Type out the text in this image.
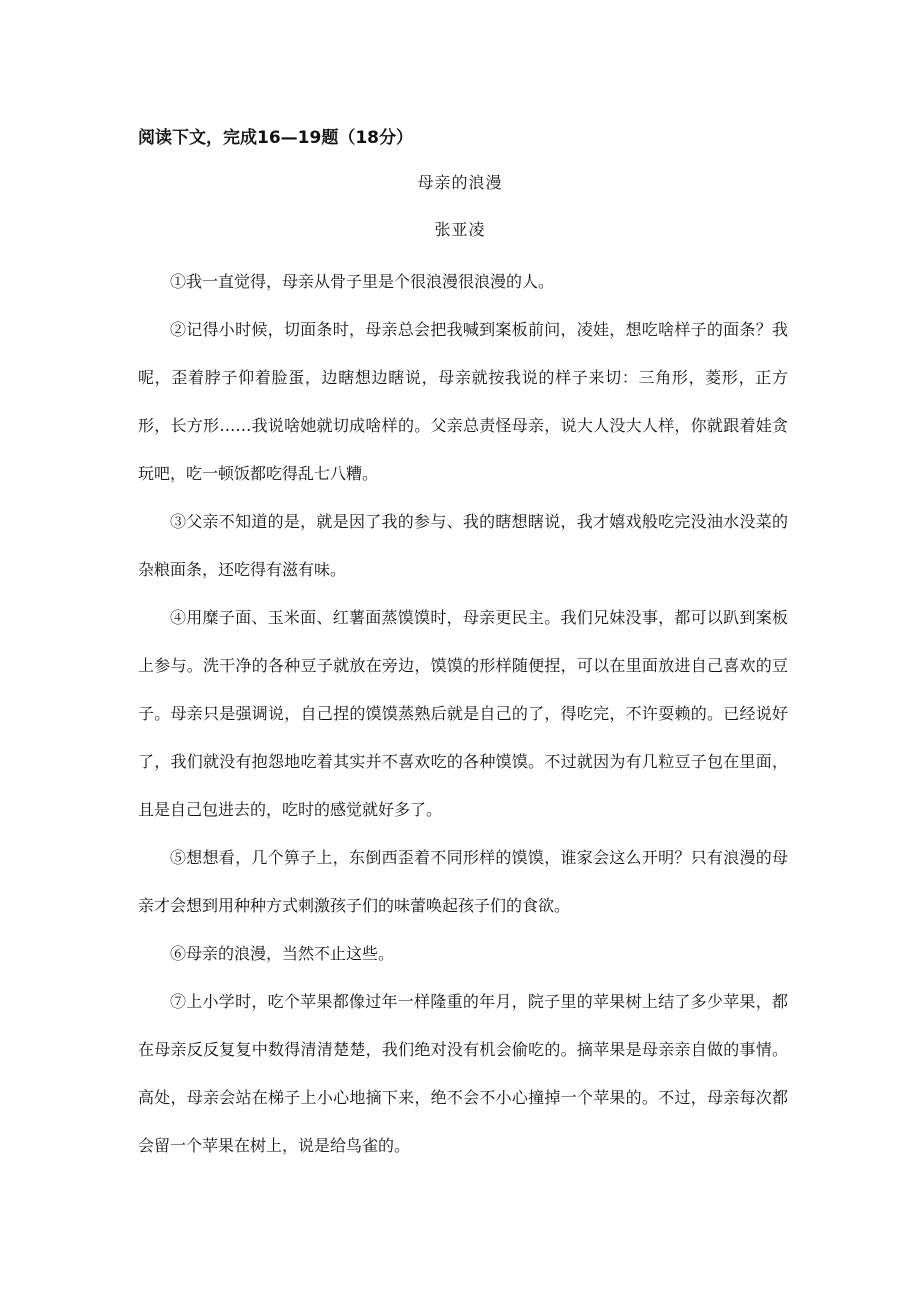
阅读下文，完成16—19题（18分）
母亲的浪漫
张亚凌

①我一直觉得，母亲从骨子里是个很浪漫很浪漫的人。

②记得小时候，切面条时，母亲总会把我喊到案板前问，凌娃，想吃啥样子的面条？我呢，歪着脖子仰着脸蛋，边瞎想边瞎说，母亲就按我说的样子来切：三角形，菱形，正方形，长方形……我说啥她就切成啥样的。父亲总责怪母亲，说大人没大人样，你就跟着娃贪玩吧，吃一顿饭都吃得乱七八糟。

③父亲不知道的是，就是因了我的参与、我的瞎想瞎说，我才嬉戏般吃完没油水没菜的杂粮面条，还吃得有滋有味。

④用糜子面、玉米面、红薯面蒸馍馍时，母亲更民主。我们兄妹没事，都可以趴到案板上参与。洗干净的各种豆子就放在旁边，馍馍的形样随便捏，可以在里面放进自己喜欢的豆子。母亲只是强调说，自己捏的馍馍蒸熟后就是自己的了，得吃完，不许耍赖的。已经说好了，我们就没有抱怨地吃着其实并不喜欢吃的各种馍馍。不过就因为有几粒豆子包在里面，且是自己包进去的，吃时的感觉就好多了。

⑤想想看，几个箅子上，东倒西歪着不同形样的馍馍，谁家会这么开明？只有浪漫的母亲才会想到用种种方式刺激孩子们的味蕾唤起孩子们的食欲。

⑥母亲的浪漫，当然不止这些。

⑦上小学时，吃个苹果都像过年一样隆重的年月，院子里的苹果树上结了多少苹果，都在母亲反反复复中数得清清楚楚，我们绝对没有机会偷吃的。摘苹果是母亲亲自做的事情。高处，母亲会站在梯子上小心地摘下来，绝不会不小心撞掉一个苹果的。不过，母亲每次都会留一个苹果在树上，说是给鸟雀的。
